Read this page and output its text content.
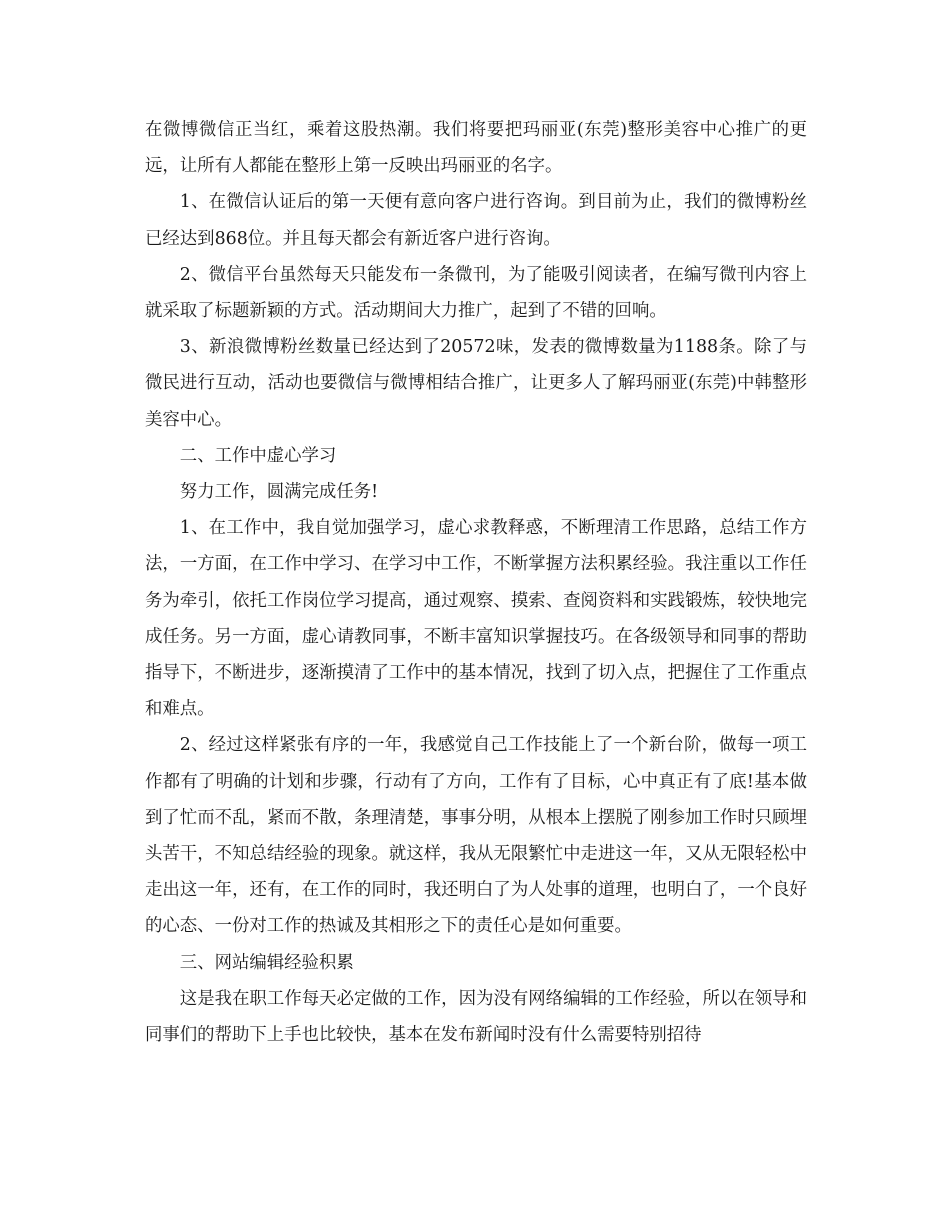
在微博微信正当红，乘着这股热潮。我们将要把玛丽亚(东莞)整形美容中心推广的更远，让所有人都能在整形上第一反映出玛丽亚的名字。

1、在微信认证后的第一天便有意向客户进行咨询。到目前为止，我们的微博粉丝已经达到868位。并且每天都会有新近客户进行咨询。

2、微信平台虽然每天只能发布一条微刊，为了能吸引阅读者，在编写微刊内容上就采取了标题新颖的方式。活动期间大力推广，起到了不错的回响。

3、新浪微博粉丝数量已经达到了20572味，发表的微博数量为1188条。除了与微民进行互动，活动也要微信与微博相结合推广，让更多人了解玛丽亚(东莞)中韩整形美容中心。

二、工作中虚心学习

努力工作，圆满完成任务!

1、在工作中，我自觉加强学习，虚心求教释惑，不断理清工作思路，总结工作方法，一方面，在工作中学习、在学习中工作，不断掌握方法积累经验。我注重以工作任务为牵引，依托工作岗位学习提高，通过观察、摸索、查阅资料和实践锻炼，较快地完成任务。另一方面，虚心请教同事，不断丰富知识掌握技巧。在各级领导和同事的帮助指导下，不断进步，逐渐摸清了工作中的基本情况，找到了切入点，把握住了工作重点和难点。

2、经过这样紧张有序的一年，我感觉自己工作技能上了一个新台阶，做每一项工作都有了明确的计划和步骤，行动有了方向，工作有了目标，心中真正有了底!基本做到了忙而不乱，紧而不散，条理清楚，事事分明，从根本上摆脱了刚参加工作时只顾埋头苦干，不知总结经验的现象。就这样，我从无限繁忙中走进这一年，又从无限轻松中走出这一年，还有，在工作的同时，我还明白了为人处事的道理，也明白了，一个良好的心态、一份对工作的热诚及其相形之下的责任心是如何重要。

三、网站编辑经验积累

这是我在职工作每天必定做的工作，因为没有网络编辑的工作经验，所以在领导和同事们的帮助下上手也比较快，基本在发布新闻时没有什么需要特别招待
